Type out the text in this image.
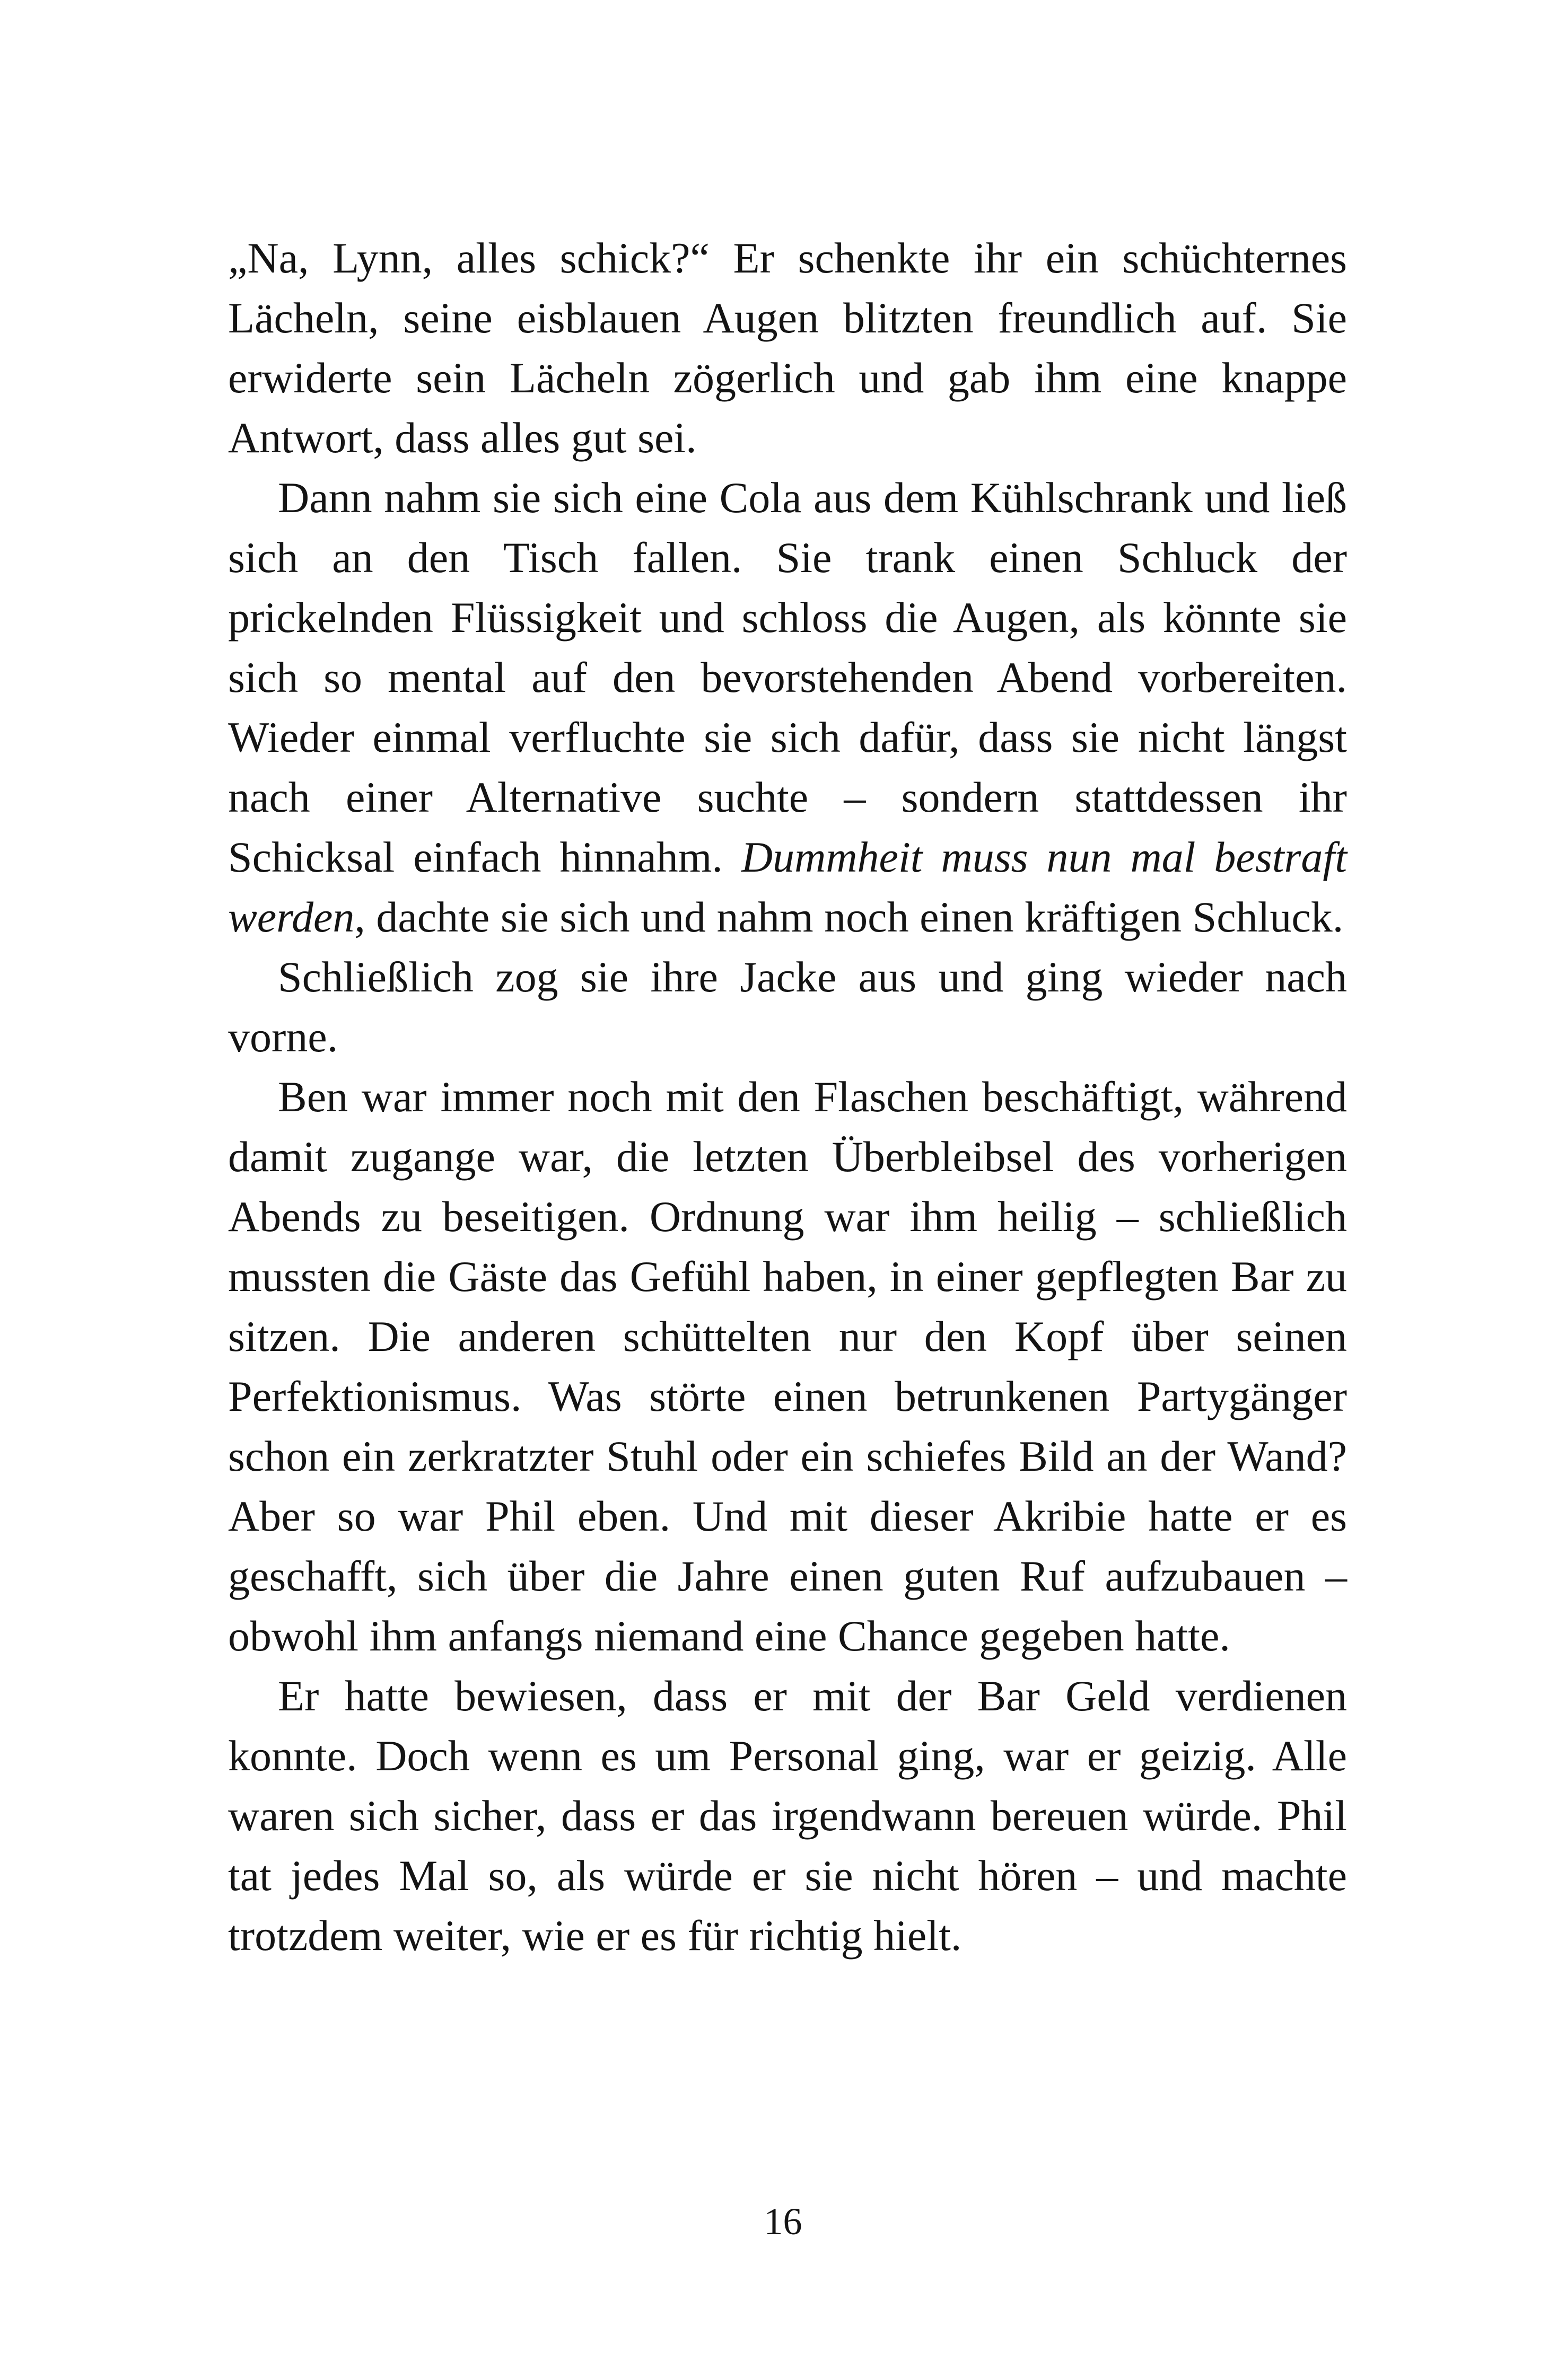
„Na, Lynn, alles schick?“ Er schenkte ihr ein schüchternes Lächeln, seine eisblauen Augen blitzten freundlich auf. Sie erwiderte sein Lächeln zögerlich und gab ihm eine knappe Antwort, dass alles gut sei.

Dann nahm sie sich eine Cola aus dem Kühlschrank und ließ sich an den Tisch fallen. Sie trank einen Schluck der prickelnden Flüssigkeit und schloss die Augen, als könnte sie sich so mental auf den bevorstehenden Abend vorbereiten. Wieder einmal verfluchte sie sich dafür, dass sie nicht längst nach einer Alternative suchte – sondern stattdessen ihr Schicksal einfach hinnahm. Dummheit muss nun mal bestraft werden, dachte sie sich und nahm noch einen kräftigen Schluck.

Schließlich zog sie ihre Jacke aus und ging wieder nach vorne.

Ben war immer noch mit den Flaschen beschäftigt, während damit zugange war, die letzten Überbleibsel des vorherigen Abends zu beseitigen. Ordnung war ihm heilig – schließlich mussten die Gäste das Gefühl haben, in einer gepflegten Bar zu sitzen. Die anderen schüttelten nur den Kopf über seinen Perfektionismus. Was störte einen betrunkenen Partygänger schon ein zerkratzter Stuhl oder ein schiefes Bild an der Wand? Aber so war Phil eben. Und mit dieser Akribie hatte er es geschafft, sich über die Jahre einen guten Ruf aufzubauen – obwohl ihm anfangs niemand eine Chance gegeben hatte.

Er hatte bewiesen, dass er mit der Bar Geld verdienen konnte. Doch wenn es um Personal ging, war er geizig. Alle waren sich sicher, dass er das irgendwann bereuen würde. Phil tat jedes Mal so, als würde er sie nicht hören – und machte trotzdem weiter, wie er es für richtig hielt.

16
